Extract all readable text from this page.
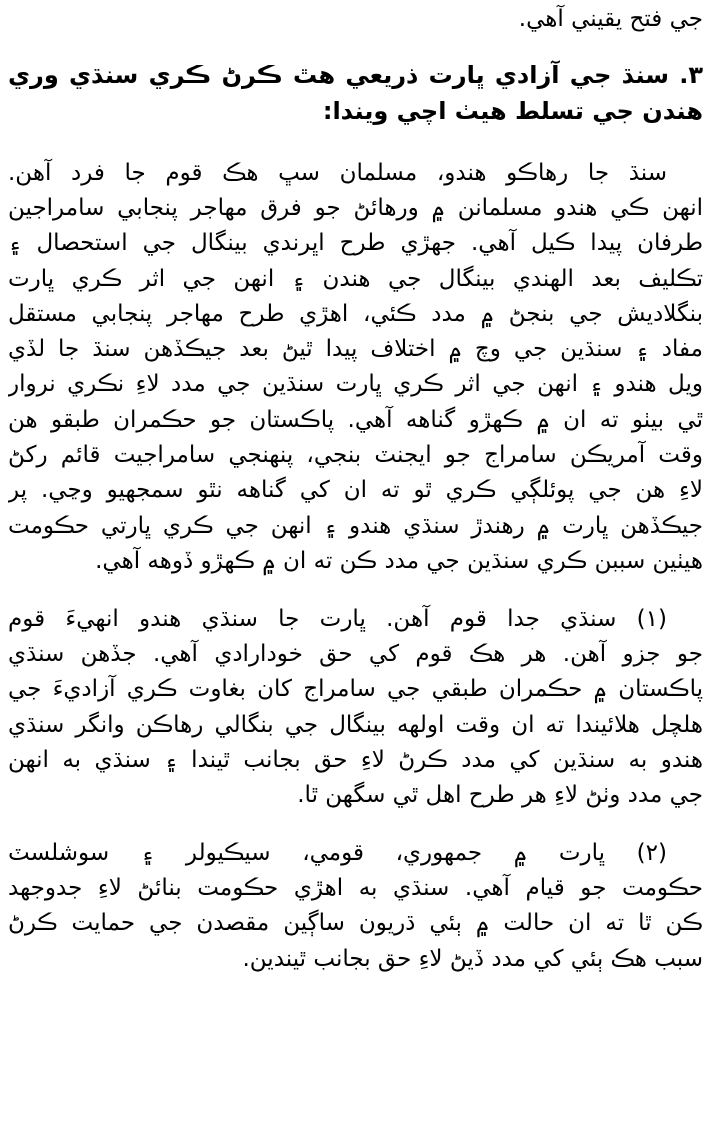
جي فتح يقيني آهي.
٣. سنڌ جي آزادي ڀارت ذريعي هٿ ڪرڻ ڪري سنڌي وري
هندن جي تسلط هيٺ اچي ويندا:
سنڌ جا رهاڪو هندو، مسلمان سڀ هڪ قوم جا فرد آهن.
انهن ڪي هندو مسلمانن ۾ ورهائڻ جو فرق مهاجر پنجابي سامراجين
طرفان پيدا ڪيل آهي. جهڙي طرح اڀرندي بينگال جي استحصال ۽
تڪليف بعد الهندي بينگال جي هندن ۽ انهن جي اثر ڪري ڀارت
بنگلاديش جي بنجڻ ۾ مدد ڪئي، اهڙي طرح مهاجر پنجابي مستقل
مفاد ۽ سنڌين جي وچ ۾ اختلاف پيدا ٿيڻ بعد جيڪڏهن سنڌ جا لڏي
ويل هندو ۽ انهن جي اثر ڪري ڀارت سنڌين جي مدد لاءِ نڪري نروار
ٿي بيٺو ته ان ۾ ڪهڙو گناهه آهي. پاڪستان جو حڪمران طبقو هن
وقت آمريڪن سامراج جو ايجنٽ بنجي، پنهنجي سامراجيت قائم رکڻ
لاءِ هن جي پوئلڳي ڪري ٿو ته ان کي گناهه نٿو سمجهيو وڃي. پر
جيڪڏهن ڀارت ۾ رهندڙ سنڌي هندو ۽ انهن جي ڪري ڀارتي حڪومت
هيٺين سببن ڪري سنڌين جي مدد ڪن ته ان ۾ ڪهڙو ڏوهه آهي.
(١) سنڌي جدا قوم آهن. ڀارت جا سنڌي هندو انهيءَ قوم
جو جزو آهن. هر هڪ قوم کي حق خودارادي آهي. جڏهن سنڌي
پاڪستان ۾ حڪمران طبقي جي سامراج کان بغاوت ڪري آزاديءَ جي
هلچل هلائيندا ته ان وقت اولهه بينگال جي بنگالي رهاڪن وانگر سنڌي
هندو به سنڌين کي مدد ڪرڻ لاءِ حق بجانب ٿيندا ۽ سنڌي به انهن
جي مدد وٺڻ لاءِ هر طرح اهل ٿي سگهن ٿا.
(٢) ڀارت ۾ جمهوري، قومي، سيڪيولر ۽ سوشلسٽ
حڪومت جو قيام آهي. سنڌي به اهڙي حڪومت بنائڻ لاءِ جدوجهد
ڪن ٿا ته ان حالت ۾ ٻئي ڌريون ساڳين مقصدن جي حمايت ڪرڻ
سبب هڪ ٻئي کي مدد ڏيڻ لاءِ حق بجانب ٿيندين.
